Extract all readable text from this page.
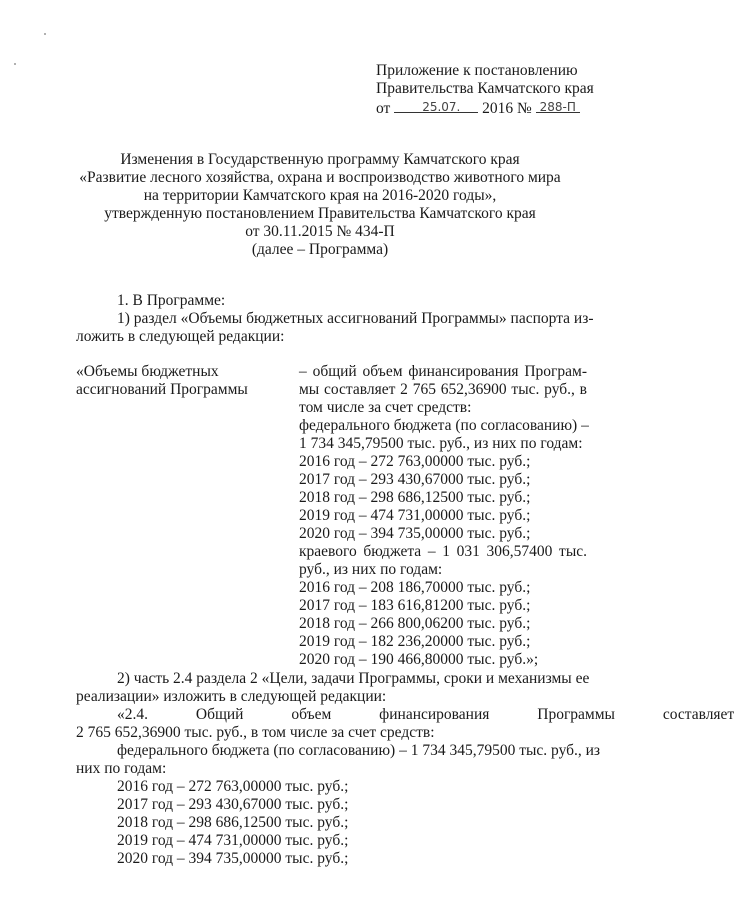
Приложение к постановлению
Правительства Камчатского края
от	25.07. 2016 № 288-П
Изменения в Государственную программу Камчатского края
«Развитие лесного хозяйства, охрана и воспроизводство животного мира
на территории Камчатского края на 2016-2020 годы»,
утвержденную постановлением Правительства Камчатского края
от 30.11.2015 № 434-П
(далее – Программа)
1. В Программе:
1) раздел «Объемы бюджетных ассигнований Программы» паспорта из-
ложить в следующей редакции:
«Объемы бюджетных
ассигнований Программы
– общий объем финансирования Програм-
мы составляет 2 765 652,36900 тыс. руб., в
том числе за счет средств:
федерального бюджета (по согласованию) –
1 734 345,79500 тыс. руб., из них по годам:
2016 год – 272 763,00000 тыс. руб.;
2017 год – 293 430,67000 тыс. руб.;
2018 год – 298 686,12500 тыс. руб.;
2019 год – 474 731,00000 тыс. руб.;
2020 год – 394 735,00000 тыс. руб.;
краевого бюджета – 1 031 306,57400 тыс.
руб., из них по годам:
2016 год – 208 186,70000 тыс. руб.;
2017 год – 183 616,81200 тыс. руб.;
2018 год – 266 800,06200 тыс. руб.;
2019 год – 182 236,20000 тыс. руб.;
2020 год – 190 466,80000 тыс. руб.»;
2) часть 2.4 раздела 2 «Цели, задачи Программы, сроки и механизмы ее
реализации» изложить в следующей редакции:
«2.4. Общий объем финансирования Программы составляет
2 765 652,36900 тыс. руб., в том числе за счет средств:
федерального бюджета (по согласованию) – 1 734 345,79500 тыс. руб., из
них по годам:
2016 год – 272 763,00000 тыс. руб.;
2017 год – 293 430,67000 тыс. руб.;
2018 год – 298 686,12500 тыс. руб.;
2019 год – 474 731,00000 тыс. руб.;
2020 год – 394 735,00000 тыс. руб.;
